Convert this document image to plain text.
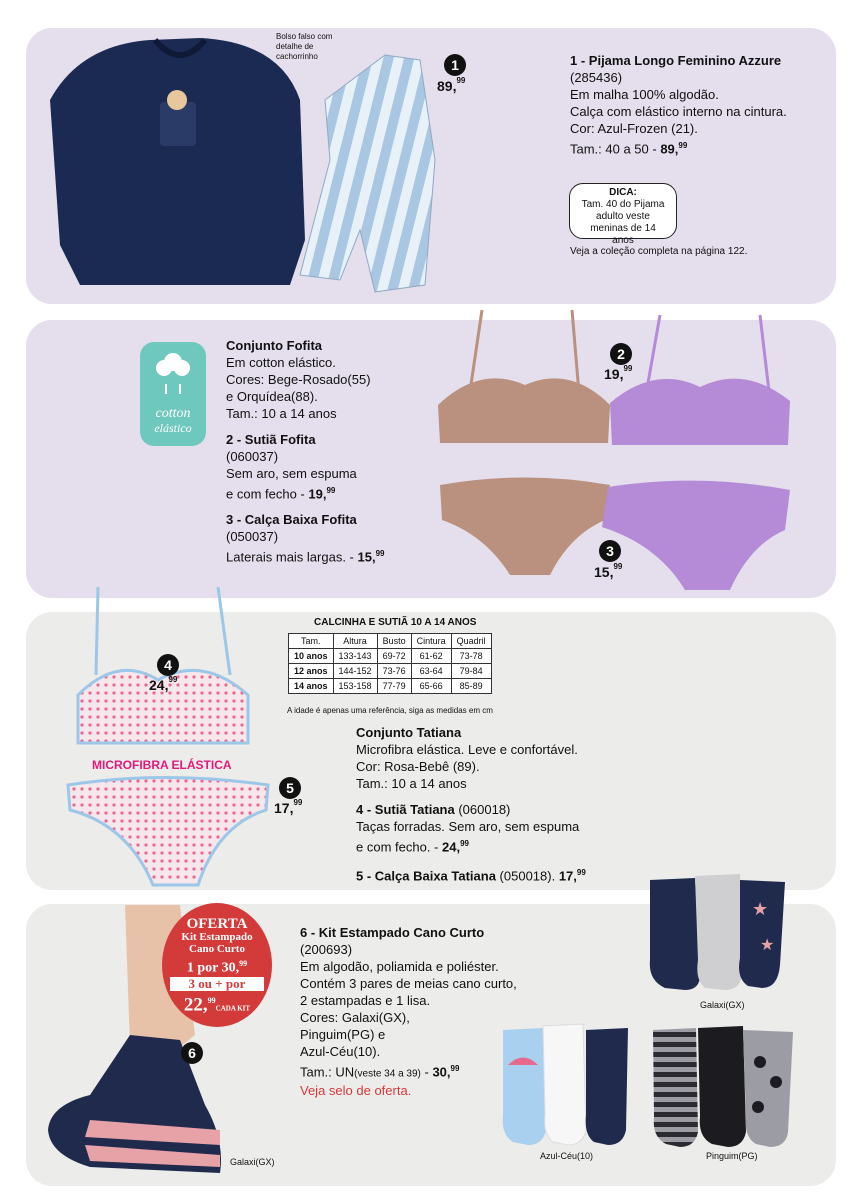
Bolso falso com detalhe de cachorrinho
1
89,99
1 - Pijama Longo Feminino Azzure
(285436)
Em malha 100% algodão.
Calça com elástico interno na cintura.
Cor: Azul-Frozen (21).
Tam.: 40 a 50 - 89,99
DICA:
Tam. 40 do Pijama adulto veste meninas de 14 anos
Veja a coleção completa na página 122.
cotton
elástico
Conjunto Fofita
Em cotton elástico.
Cores: Bege-Rosado(55)
e Orquídea(88).
Tam.: 10 a 14 anos
2 - Sutiã Fofita
(060037)
Sem aro, sem espuma
e com fecho - 19,99
3 - Calça Baixa Fofita
(050037)
Laterais mais largas. - 15,99
2
19,99
3
15,99
MICROFIBRA ELÁSTICA
4
24,99
5
17,99
CALCINHA E SUTIÃ 10 A 14 ANOS
Tam.	Altura	Busto	Cintura	Quadril
10 anos	133-143	69-72	61-62	73-78
12 anos	144-152	73-76	63-64	79-84
14 anos	153-158	77-79	65-66	85-89
A idade é apenas uma referência, siga as medidas em cm
Conjunto Tatiana
Microfibra elástica. Leve e confortável.
Cor: Rosa-Bebê (89).
Tam.: 10 a 14 anos
4 - Sutiã Tatiana (060018)
Taças forradas. Sem aro, sem espuma
e com fecho. - 24,99
5 - Calça Baixa Tatiana (050018). 17,99
Galaxi(GX)
OFERTA
Kit Estampado
Cano Curto
1 por 30,99
3 ou + por
22,99CADA KIT
6
6 - Kit Estampado Cano Curto
(200693)
Em algodão, poliamida e poliéster.
Contém 3 pares de meias cano curto,
2 estampadas e 1 lisa.
Cores: Galaxi(GX),
Pinguim(PG) e
Azul-Céu(10).
Tam.: UN(veste 34 a 39) - 30,99
Veja selo de oferta.
★
★
Galaxi(GX)
Azul-Céu(10)	Pinguim(PG)
